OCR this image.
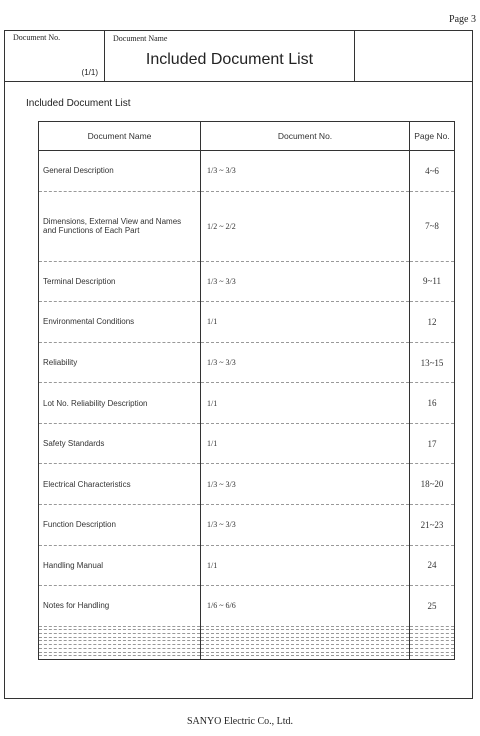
Page 3
Document No.
(1/1)
Document Name
Included Document List
Included Document List
Document Name	Document No.	Page No.
General Description	1/3 ~ 3/3	4~6
Dimensions, External View and Names and Functions of Each Part	1/2 ~ 2/2	7~8
Terminal Description	1/3 ~ 3/3	9~11
Environmental Conditions	1/1	12
Reliability	1/3 ~ 3/3	13~15
Lot No. Reliability Description	1/1	16
Safety Standards	1/1	17
Electrical Characteristics	1/3 ~ 3/3	18~20
Function Description	1/3 ~ 3/3	21~23
Handling Manual	1/1	24
Notes for Handling	1/6 ~ 6/6	25

SANYO Electric Co., Ltd.
